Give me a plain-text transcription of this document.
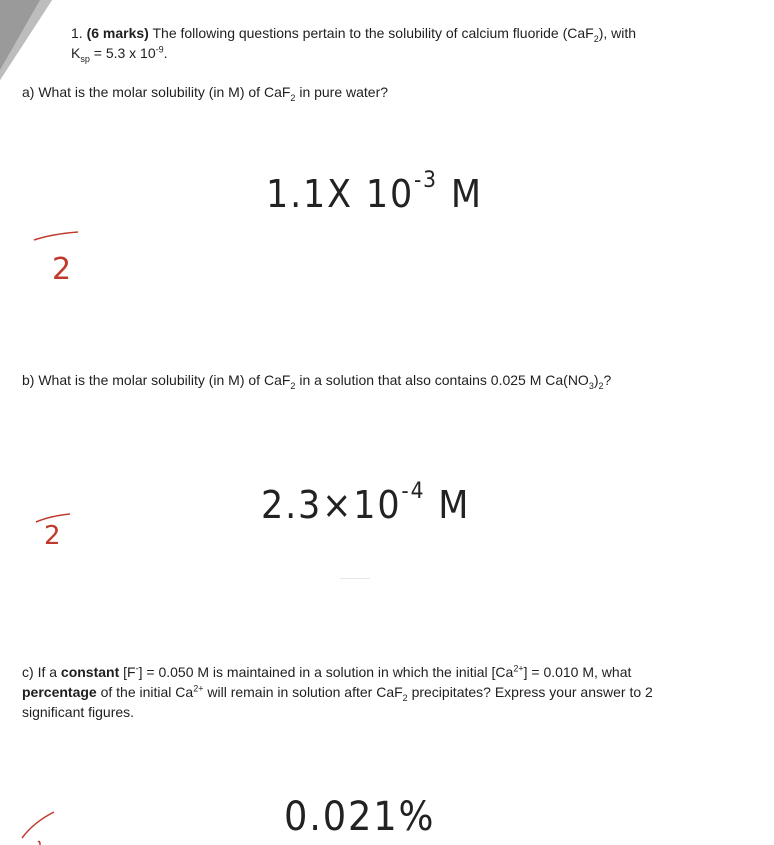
1. (6 marks) The following questions pertain to the solubility of calcium fluoride (CaF$_2$), with

$K_{sp} = 5.3$ x $10^{-9}$.

a) What is the molar solubility (in M) of CaF$_2$ in pure water?

1.1X $10^{-3}$ M
2

b) What is the molar solubility (in M) of CaF$_2$ in a solution that also contains 0.025 M $Ca(NO_3)_2$?

$2.3\times 10^{-4}$ M
2
c) If a constant [F-] = 0.050 M is maintained in a solution in which the initial $[Ca^{2+}] = 0.010$ M, what
percentage of the initial $Ca^{2+}$ will remain in solution after CaF$_2$ precipitates? Express your answer to 2
significant figures.
0.021%
